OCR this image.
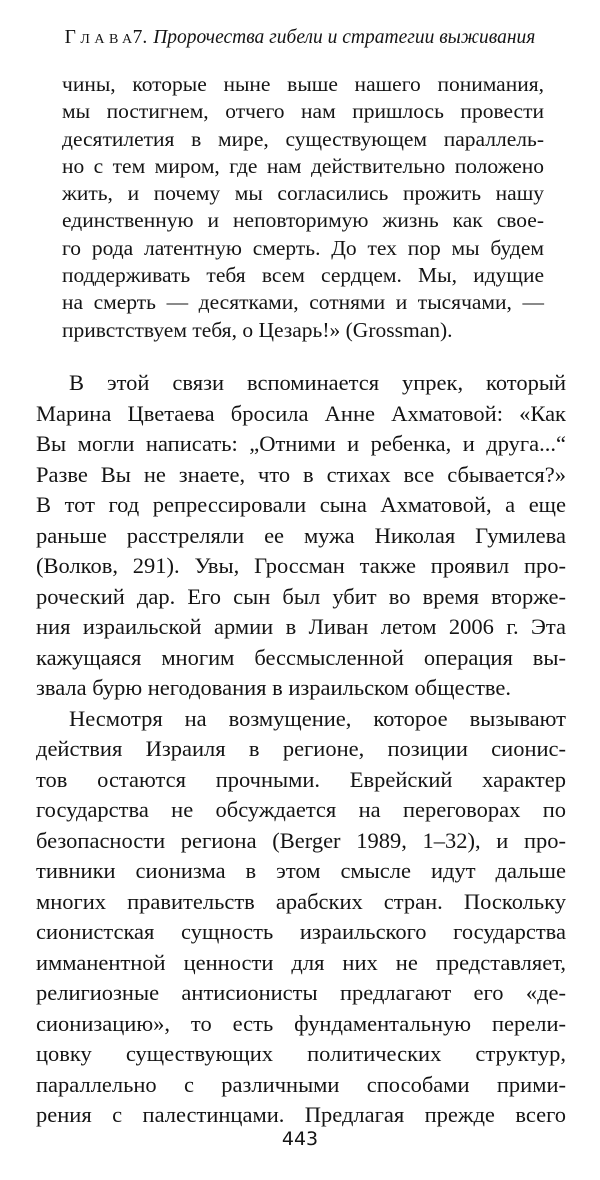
Глава7. Пророчества гибели и стратегии выживания
чины, которые ныне выше нашего понимания,
мы постигнем, отчего нам пришлось провести
десятилетия в мире, существующем параллель-
но с тем миром, где нам действительно положено
жить, и почему мы согласились прожить нашу
единственную и неповторимую жизнь как свое-
го рода латентную смерть. До тех пор мы будем
поддерживать тебя всем сердцем. Мы, идущие
на смерть — десятками, сотнями и тысячами, —
привстствуем тебя, о Цезарь!» (Grossman).
В этой связи вспоминается упрек, который
Марина Цветаева бросила Анне Ахматовой: «Как
Вы могли написать: „Отними и ребенка, и друга...“
Разве Вы не знаете, что в стихах все сбывается?»
В тот год репрессировали сына Ахматовой, а еще
раньше расстреляли ее мужа Николая Гумилева
(Волков, 291). Увы, Гроссман также проявил про-
роческий дар. Его сын был убит во время вторже-
ния израильской армии в Ливан летом 2006 г. Эта
кажущаяся многим бессмысленной операция вы-
звала бурю негодования в израильском обществе.
Несмотря на возмущение, которое вызывают
действия Израиля в регионе, позиции сионис-
тов остаются прочными. Еврейский характер
государства не обсуждается на переговорах по
безопасности региона (Berger 1989, 1–32), и про-
тивники сионизма в этом смысле идут дальше
многих правительств арабских стран. Поскольку
сионистская сущность израильского государства
имманентной ценности для них не представляет,
религиозные антисионисты предлагают его «де-
сионизацию», то есть фундаментальную перели-
цовку существующих политических структур,
параллельно с различными способами прими-
рения с палестинцами. Предлагая прежде всего
443
